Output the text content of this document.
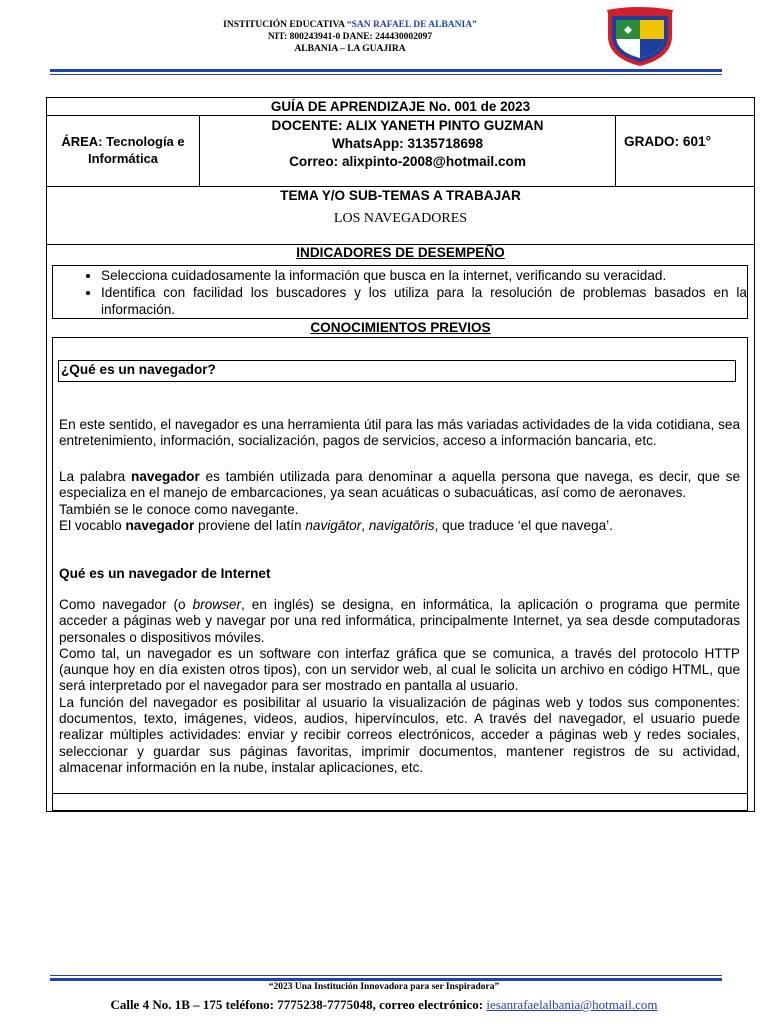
INSTITUCIÓN EDUCATIVA “SAN RAFAEL DE ALBANIA”
NIT: 800243941-0 DANE: 244430002097
ALBANIA – LA GUAJIRA
GUÍA DE APRENDIZAJE No. 001 de 2023
ÁREA: Tecnología e Informática
DOCENTE: ALIX YANETH PINTO GUZMAN
WhatsApp: 3135718698
Correo: alixpinto-2008@hotmail.com
GRADO: 601°
TEMA Y/O SUB-TEMAS A TRABAJAR
LOS NAVEGADORES
INDICADORES DE DESEMPEÑO
• Selecciona cuidadosamente la información que busca en la internet, verificando su veracidad.
• Identifica con facilidad los buscadores y los utiliza para la resolución de problemas basados en la información.
CONOCIMIENTOS PREVIOS
¿Qué es un navegador?

En este sentido, el navegador es una herramienta útil para las más variadas actividades de la vida cotidiana, sea entretenimiento, información, socialización, pagos de servicios, acceso a información bancaria, etc.

La palabra navegador es también utilizada para denominar a aquella persona que navega, es decir, que se especializa en el manejo de embarcaciones, ya sean acuáticas o subacuáticas, así como de aeronaves.
También se le conoce como navegante.
El vocablo navegador proviene del latín navigātor, navigatōris, que traduce ‘el que navega’.
Qué es un navegador de Internet
Como navegador (o browser, en inglés) se designa, en informática, la aplicación o programa que permite acceder a páginas web y navegar por una red informática, principalmente Internet, ya sea desde computadoras personales o dispositivos móviles.
Como tal, un navegador es un software con interfaz gráfica que se comunica, a través del protocolo HTTP (aunque hoy en día existen otros tipos), con un servidor web, al cual le solicita un archivo en código HTML, que será interpretado por el navegador para ser mostrado en pantalla al usuario.
La función del navegador es posibilitar al usuario la visualización de páginas web y todos sus componentes: documentos, texto, imágenes, videos, audios, hipervínculos, etc. A través del navegador, el usuario puede realizar múltiples actividades: enviar y recibir correos electrónicos, acceder a páginas web y redes sociales, seleccionar y guardar sus páginas favoritas, imprimir documentos, mantener registros de su actividad, almacenar información en la nube, instalar aplicaciones, etc.
“2023 Una Institución Innovadora para ser Inspiradora”
Calle 4 No. 1B – 175 teléfono: 7775238-7775048, correo electrónico: iesanrafaelalbania@hotmail.com
